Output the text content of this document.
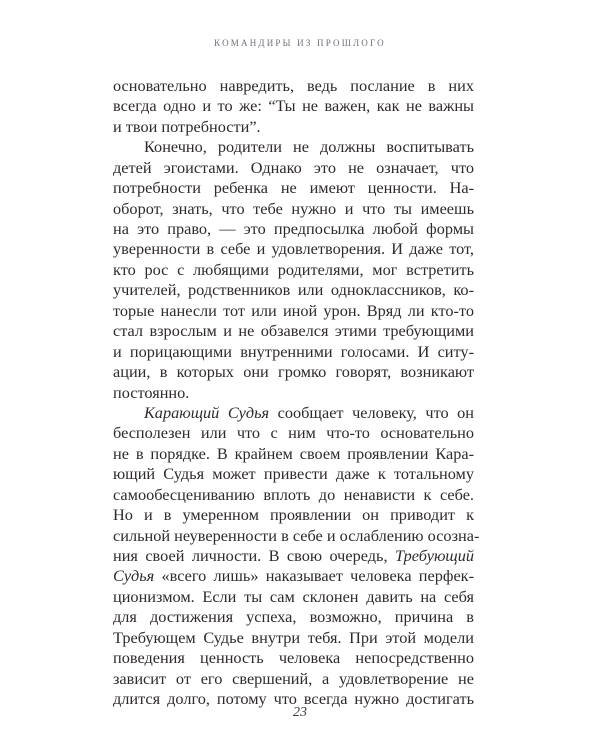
КОМАНДИРЫ ИЗ ПРОШЛОГО
основательно навредить, ведь послание в них
всегда одно и то же: “Ты не важен, как не важны
и твои потребности”.
Конечно, родители не должны воспитывать
детей эгоистами. Однако это не означает, что
потребности ребенка не имеют ценности. На-
оборот, знать, что тебе нужно и что ты имеешь
на это право, — это предпосылка любой формы
уверенности в себе и удовлетворения. И даже тот,
кто рос с любящими родителями, мог встретить
учителей, родственников или одноклассников, ко-
торые нанесли тот или иной урон. Вряд ли кто-то
стал взрослым и не обзавелся этими требующими
и порицающими внутренними голосами. И ситу-
ации, в которых они громко говорят, возникают
постоянно.
Карающий Судья сообщает человеку, что он
бесполезен или что с ним что-то основательно
не в порядке. В крайнем своем проявлении Кара-
ющий Судья может привести даже к тотальному
самообесцениванию вплоть до ненависти к себе.
Но и в умеренном проявлении он приводит к
сильной неуверенности в себе и ослаблению осозна-
ния своей личности. В свою очередь, Требующий
Судья «всего лишь» наказывает человека перфек-
ционизмом. Если ты сам склонен давить на себя
для достижения успеха, возможно, причина в
Требующем Судье внутри тебя. При этой модели
поведения ценность человека непосредственно
зависит от его свершений, а удовлетворение не
длится долго, потому что всегда нужно достигать
23
